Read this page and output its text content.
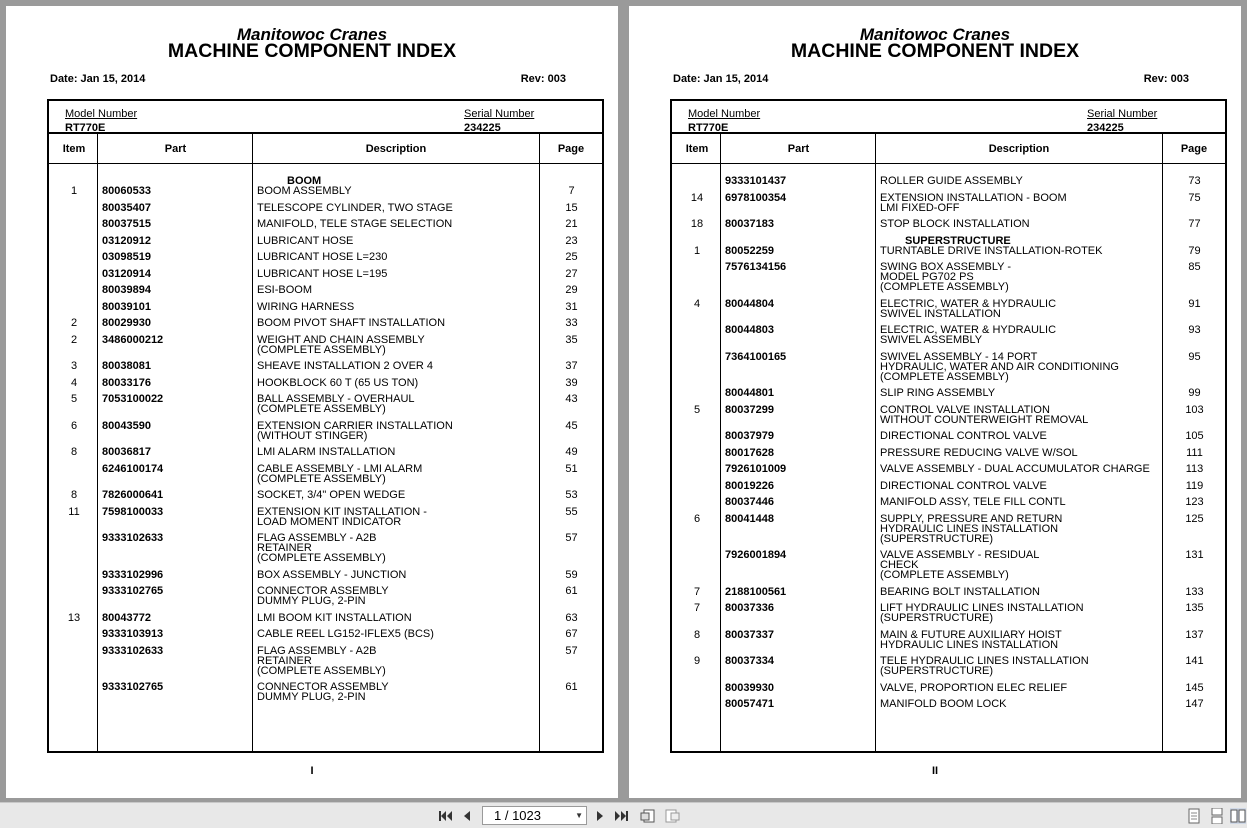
Manitowoc Cranes
MACHINE COMPONENT INDEX
Date: Jan 15, 2014	Rev: 003
Model Number
RT770E
Serial Number
234225
Item	Part	Description	Page
BOOM
1	80060533	BOOM ASSEMBLY	7
80035407	TELESCOPE CYLINDER, TWO STAGE	15
80037515	MANIFOLD, TELE STAGE SELECTION	21
03120912	LUBRICANT HOSE	23
03098519	LUBRICANT HOSE L=230	25
03120914	LUBRICANT HOSE L=195	27
80039894	ESI-BOOM	29
80039101	WIRING HARNESS	31
2	80029930	BOOM PIVOT SHAFT INSTALLATION	33
2	3486000212	WEIGHT AND CHAIN ASSEMBLY
(COMPLETE ASSEMBLY)
35
3	80038081	SHEAVE INSTALLATION 2 OVER 4	37
4	80033176	HOOKBLOCK 60 T (65 US TON)	39
5	7053100022	BALL ASSEMBLY - OVERHAUL
(COMPLETE ASSEMBLY)
43
6	80043590	EXTENSION CARRIER INSTALLATION
(WITHOUT STINGER)
45
8	80036817	LMI ALARM INSTALLATION	49
6246100174	CABLE ASSEMBLY - LMI ALARM
(COMPLETE ASSEMBLY)
51
8	7826000641	SOCKET, 3/4" OPEN WEDGE	53
11	7598100033	EXTENSION KIT INSTALLATION -
LOAD MOMENT INDICATOR
55
9333102633	FLAG ASSEMBLY - A2B
RETAINER
(COMPLETE ASSEMBLY)
57
9333102996	BOX ASSEMBLY - JUNCTION	59
9333102765	CONNECTOR ASSEMBLY
DUMMY PLUG, 2-PIN
61
13	80043772	LMI BOOM KIT INSTALLATION	63
9333103913	CABLE REEL LG152-IFLEX5 (BCS)	67
9333102633	FLAG ASSEMBLY - A2B
RETAINER
(COMPLETE ASSEMBLY)
57
9333102765	CONNECTOR ASSEMBLY
DUMMY PLUG, 2-PIN
61
I
Manitowoc Cranes
MACHINE COMPONENT INDEX
Date: Jan 15, 2014	Rev: 003
Model Number
RT770E
Serial Number
234225
Item	Part	Description	Page
9333101437	ROLLER GUIDE ASSEMBLY	73
14	6978100354	EXTENSION INSTALLATION - BOOM
LMI FIXED-OFF
75
18	80037183	STOP BLOCK INSTALLATION	77
SUPERSTRUCTURE
1	80052259	TURNTABLE DRIVE INSTALLATION-ROTEK	79
7576134156	SWING BOX ASSEMBLY -
MODEL PG702 PS
(COMPLETE ASSEMBLY)
85
4	80044804	ELECTRIC, WATER & HYDRAULIC
SWIVEL INSTALLATION
91
80044803	ELECTRIC, WATER & HYDRAULIC
SWIVEL ASSEMBLY
93
7364100165	SWIVEL ASSEMBLY - 14 PORT
HYDRAULIC, WATER AND AIR CONDITIONING
(COMPLETE ASSEMBLY)
95
80044801	SLIP RING ASSEMBLY	99
5	80037299	CONTROL VALVE INSTALLATION
WITHOUT COUNTERWEIGHT REMOVAL
103
80037979	DIRECTIONAL CONTROL VALVE	105
80017628	PRESSURE REDUCING VALVE W/SOL	111
7926101009	VALVE ASSEMBLY - DUAL ACCUMULATOR CHARGE	113
80019226	DIRECTIONAL CONTROL VALVE	119
80037446	MANIFOLD ASSY, TELE FILL CONTL	123
6	80041448	SUPPLY, PRESSURE AND RETURN
HYDRAULIC LINES INSTALLATION
(SUPERSTRUCTURE)
125
7926001894	VALVE ASSEMBLY - RESIDUAL
CHECK
(COMPLETE ASSEMBLY)
131
7	2188100561	BEARING BOLT INSTALLATION	133
7	80037336	LIFT HYDRAULIC LINES INSTALLATION
(SUPERSTRUCTURE)
135
8	80037337	MAIN & FUTURE AUXILIARY HOIST
HYDRAULIC LINES INSTALLATION
137
9	80037334	TELE HYDRAULIC LINES INSTALLATION
(SUPERSTRUCTURE)
141
80039930	VALVE, PROPORTION ELEC RELIEF	145
80057471	MANIFOLD BOOM LOCK	147
II
1 / 1023	▼
